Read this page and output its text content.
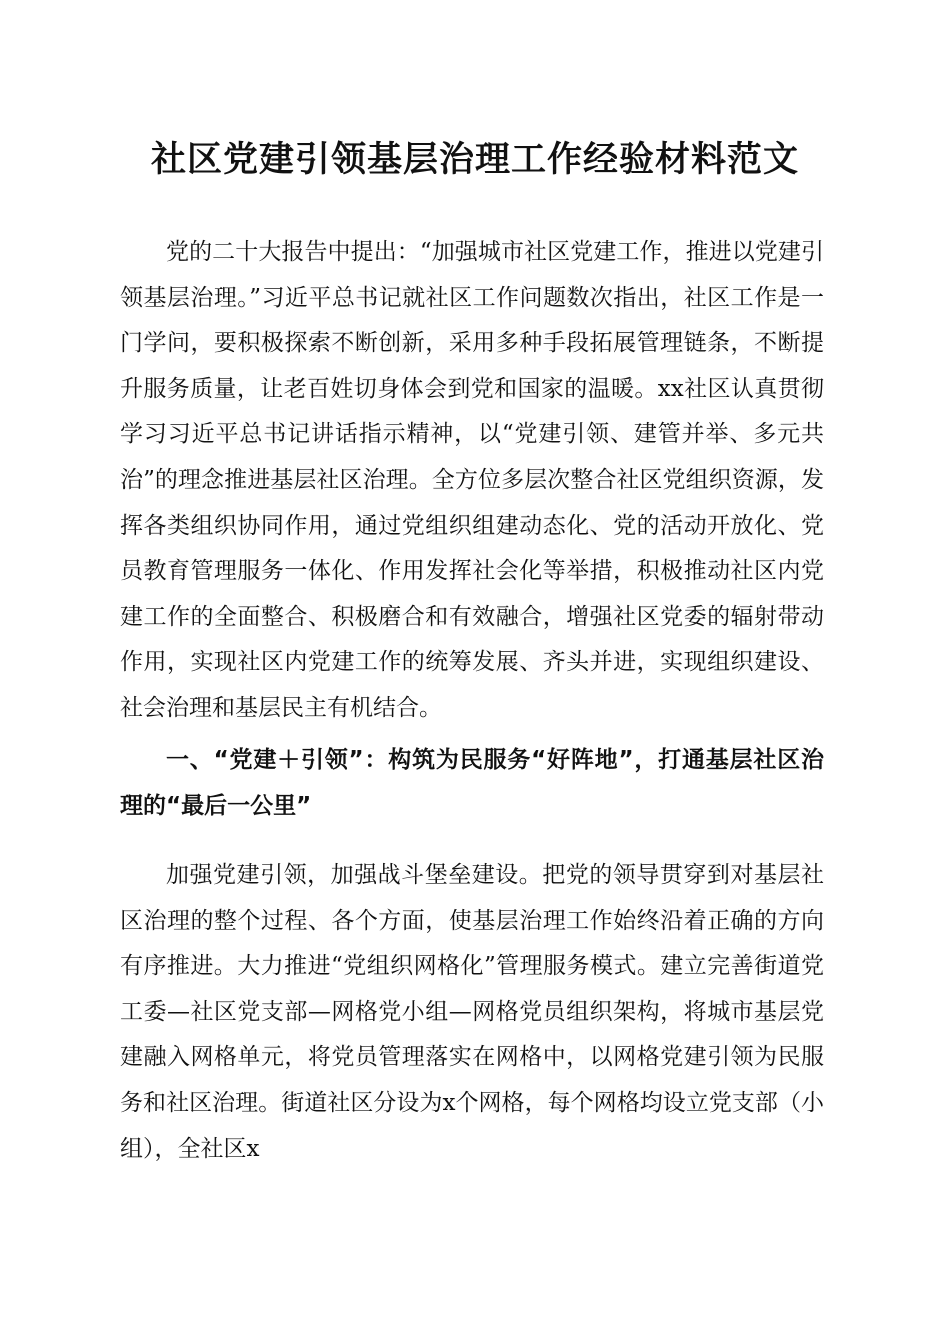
社区党建引领基层治理工作经验材料范文

党的二十大报告中提出：“加强城市社区党建工作，推进以党建引领基层治理。”习近平总书记就社区工作问题数次指出，社区工作是一门学问，要积极探索不断创新，采用多种手段拓展管理链条，不断提升服务质量，让老百姓切身体会到党和国家的温暖。xx社区认真贯彻学习习近平总书记讲话指示精神，以“党建引领、建管并举、多元共治”的理念推进基层社区治理。全方位多层次整合社区党组织资源，发挥各类组织协同作用，通过党组织组建动态化、党的活动开放化、党员教育管理服务一体化、作用发挥社会化等举措，积极推动社区内党建工作的全面整合、积极磨合和有效融合，增强社区党委的辐射带动作用，实现社区内党建工作的统筹发展、齐头并进，实现组织建设、社会治理和基层民主有机结合。

一、“党建＋引领”：构筑为民服务“好阵地”，打通基层社区治理的“最后一公里”

加强党建引领，加强战斗堡垒建设。把党的领导贯穿到对基层社区治理的整个过程、各个方面，使基层治理工作始终沿着正确的方向有序推进。大力推进“党组织网格化”管理服务模式。建立完善街道党工委—社区党支部—网格党小组—网格党员组织架构，将城市基层党建融入网格单元，将党员管理落实在网格中，以网格党建引领为民服务和社区治理。街道社区分设为x个网格，每个网格均设立党支部（小组），全社区x
